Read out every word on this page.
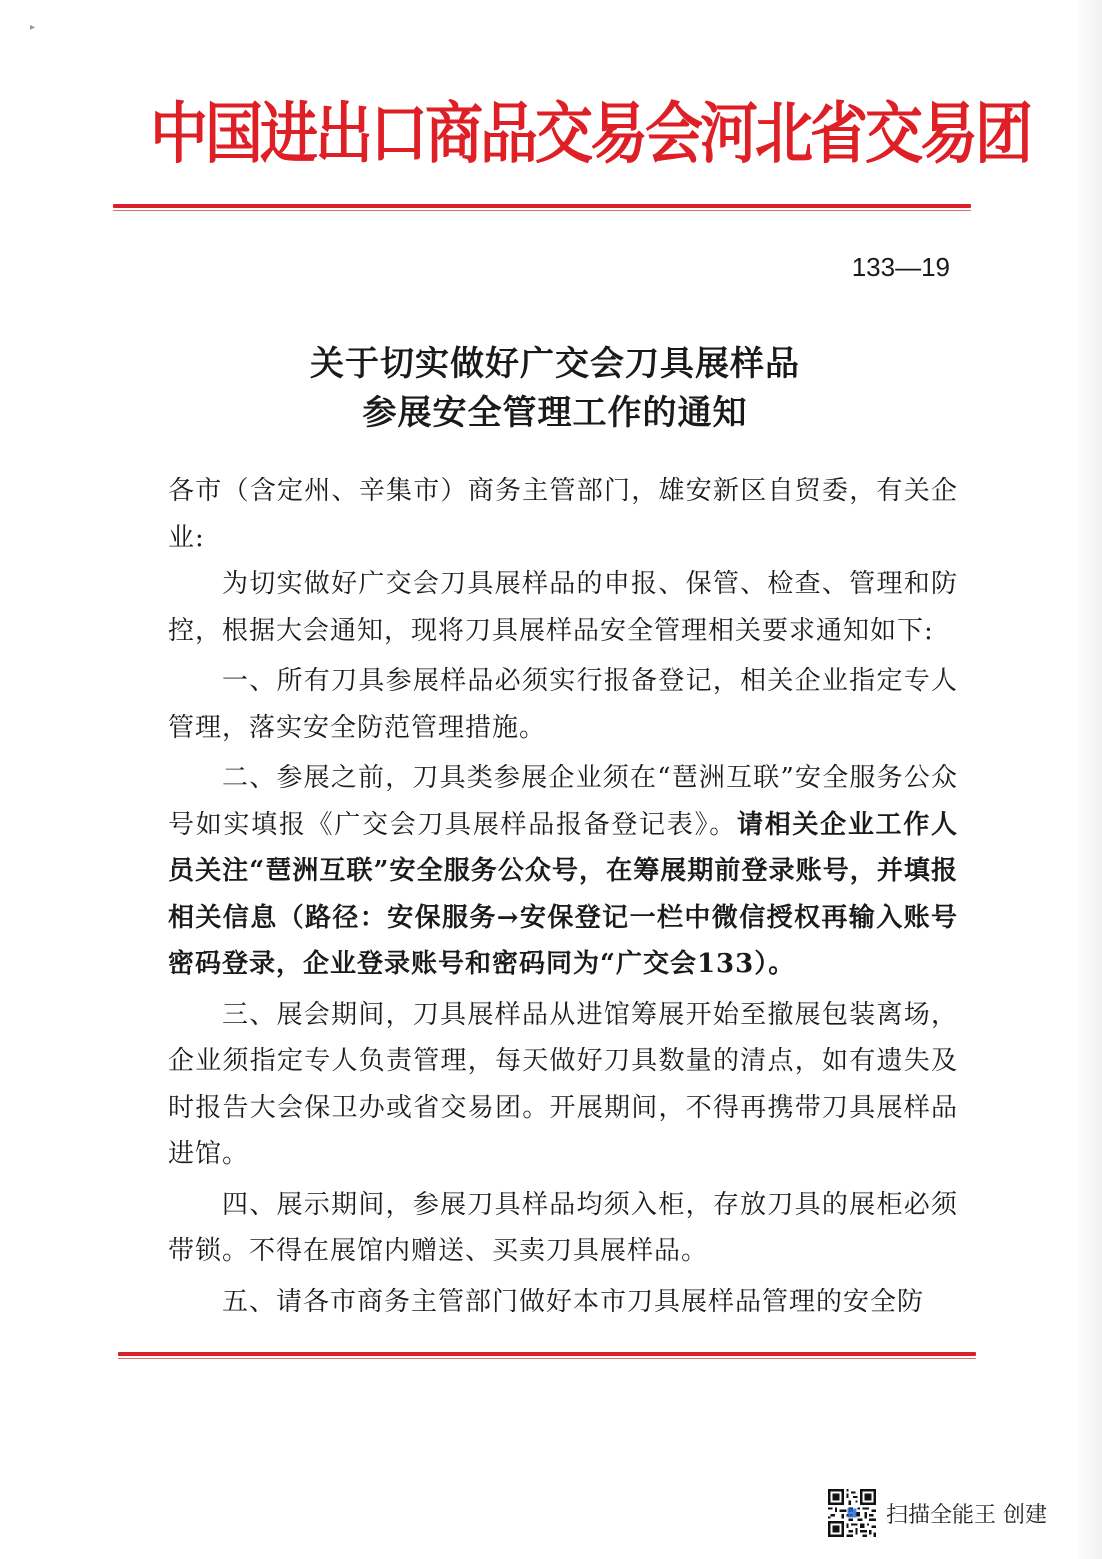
▸
中国进出口商品交易会河北省交易团
133—19
关于切实做好广交会刀具展样品
参展安全管理工作的通知

各市（含定州、辛集市）商务主管部门，雄安新区自贸委，有关企业:

为切实做好广交会刀具展样品的申报、保管、检查、管理和防控，根据大会通知，现将刀具展样品安全管理相关要求通知如下:

一、所有刀具参展样品必须实行报备登记，相关企业指定专人管理，落实安全防范管理措施。

二、参展之前，刀具类参展企业须在“琶洲互联”安全服务公众号如实填报《广交会刀具展样品报备登记表》。请相关企业工作人员关注“琶洲互联”安全服务公众号，在筹展期前登录账号，并填报相关信息（路径：安保服务→安保登记一栏中微信授权再输入账号密码登录，企业登录账号和密码同为“广交会133）。

三、展会期间，刀具展样品从进馆筹展开始至撤展包装离场，企业须指定专人负责管理，每天做好刀具数量的清点，如有遗失及时报告大会保卫办或省交易团。开展期间，不得再携带刀具展样品进馆。

四、展示期间，参展刀具样品均须入柜，存放刀具的展柜必须带锁。不得在展馆内赠送、买卖刀具展样品。

五、请各市商务主管部门做好本市刀具展样品管理的安全防

扫描全能王 创建
